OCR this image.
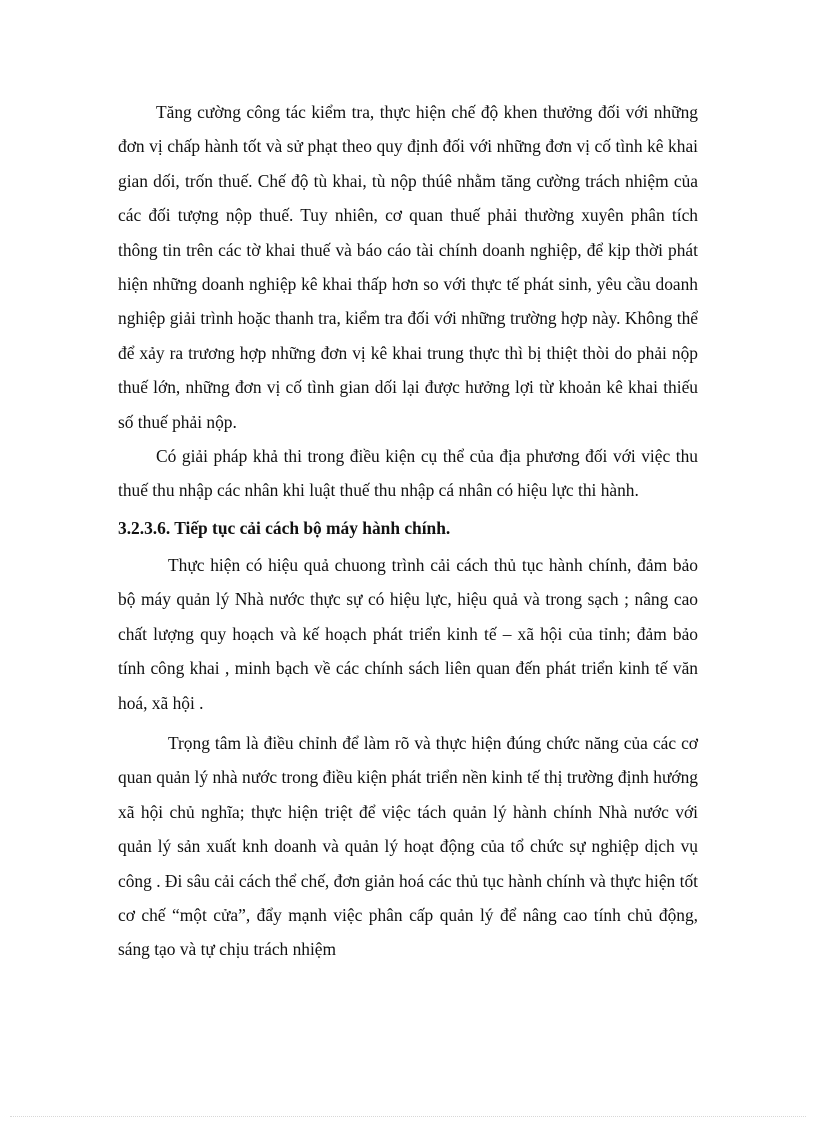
Tăng cường công tác kiểm tra, thực hiện chế độ khen thưởng đối với những đơn vị chấp hành tốt và sử phạt theo quy định đối với những đơn vị cố tình kê khai gian dối, trốn thuế. Chế độ tù khai, tù nộp thúê nhằm tăng cường trách nhiệm của các đối tượng nộp thuế. Tuy nhiên, cơ quan thuế phải thường xuyên phân tích thông tin trên các tờ khai thuế và báo cáo tài chính doanh nghiệp, để kịp thời phát hiện những doanh nghiệp kê khai thấp hơn so với thực tế phát sinh, yêu cầu doanh nghiệp giải trình hoặc thanh tra, kiểm tra đối với những trường hợp này. Không thể để xảy ra trương hợp những đơn vị kê khai trung thực thì bị thiệt thòi do phải nộp thuế lớn, những đơn vị cố tình gian dối lại được hưởng lợi từ khoản kê khai thiếu số thuế phải nộp.

Có giải pháp khả thi trong điều kiện cụ thể của địa phương đối với việc thu thuế thu nhập các nhân khi luật thuế thu nhập cá nhân có hiệu lực thi hành.

3.2.3.6. Tiếp tục cải cách bộ máy hành chính.

Thực hiện có hiệu quả chuong trình cải cách thủ tục hành chính, đảm bảo bộ máy quản lý Nhà nước thực sự có hiệu lực, hiệu quả và trong sạch ; nâng cao chất lượng quy hoạch và kế hoạch phát triển kinh tế – xã hội của tỉnh; đảm bảo tính công khai , minh bạch về các chính sách liên quan đến phát triển kinh tế văn hoá, xã hội .

Trọng tâm là điều chỉnh để làm rõ và thực hiện đúng chức năng của các cơ quan quản lý nhà nước trong điều kiện phát triển nền kinh tế thị trường định hướng xã hội chủ nghĩa; thực hiện triệt để việc tách quản lý hành chính Nhà nước với quản lý sản xuất knh doanh và quản lý hoạt động của tổ chức sự nghiệp dịch vụ công . Đi sâu cải cách thể chế, đơn giản hoá các thủ tục hành chính và thực hiện tốt cơ chế “một cửa”, đẩy mạnh việc phân cấp quản lý để nâng cao tính chủ động, sáng tạo và tự chịu trách nhiệm
